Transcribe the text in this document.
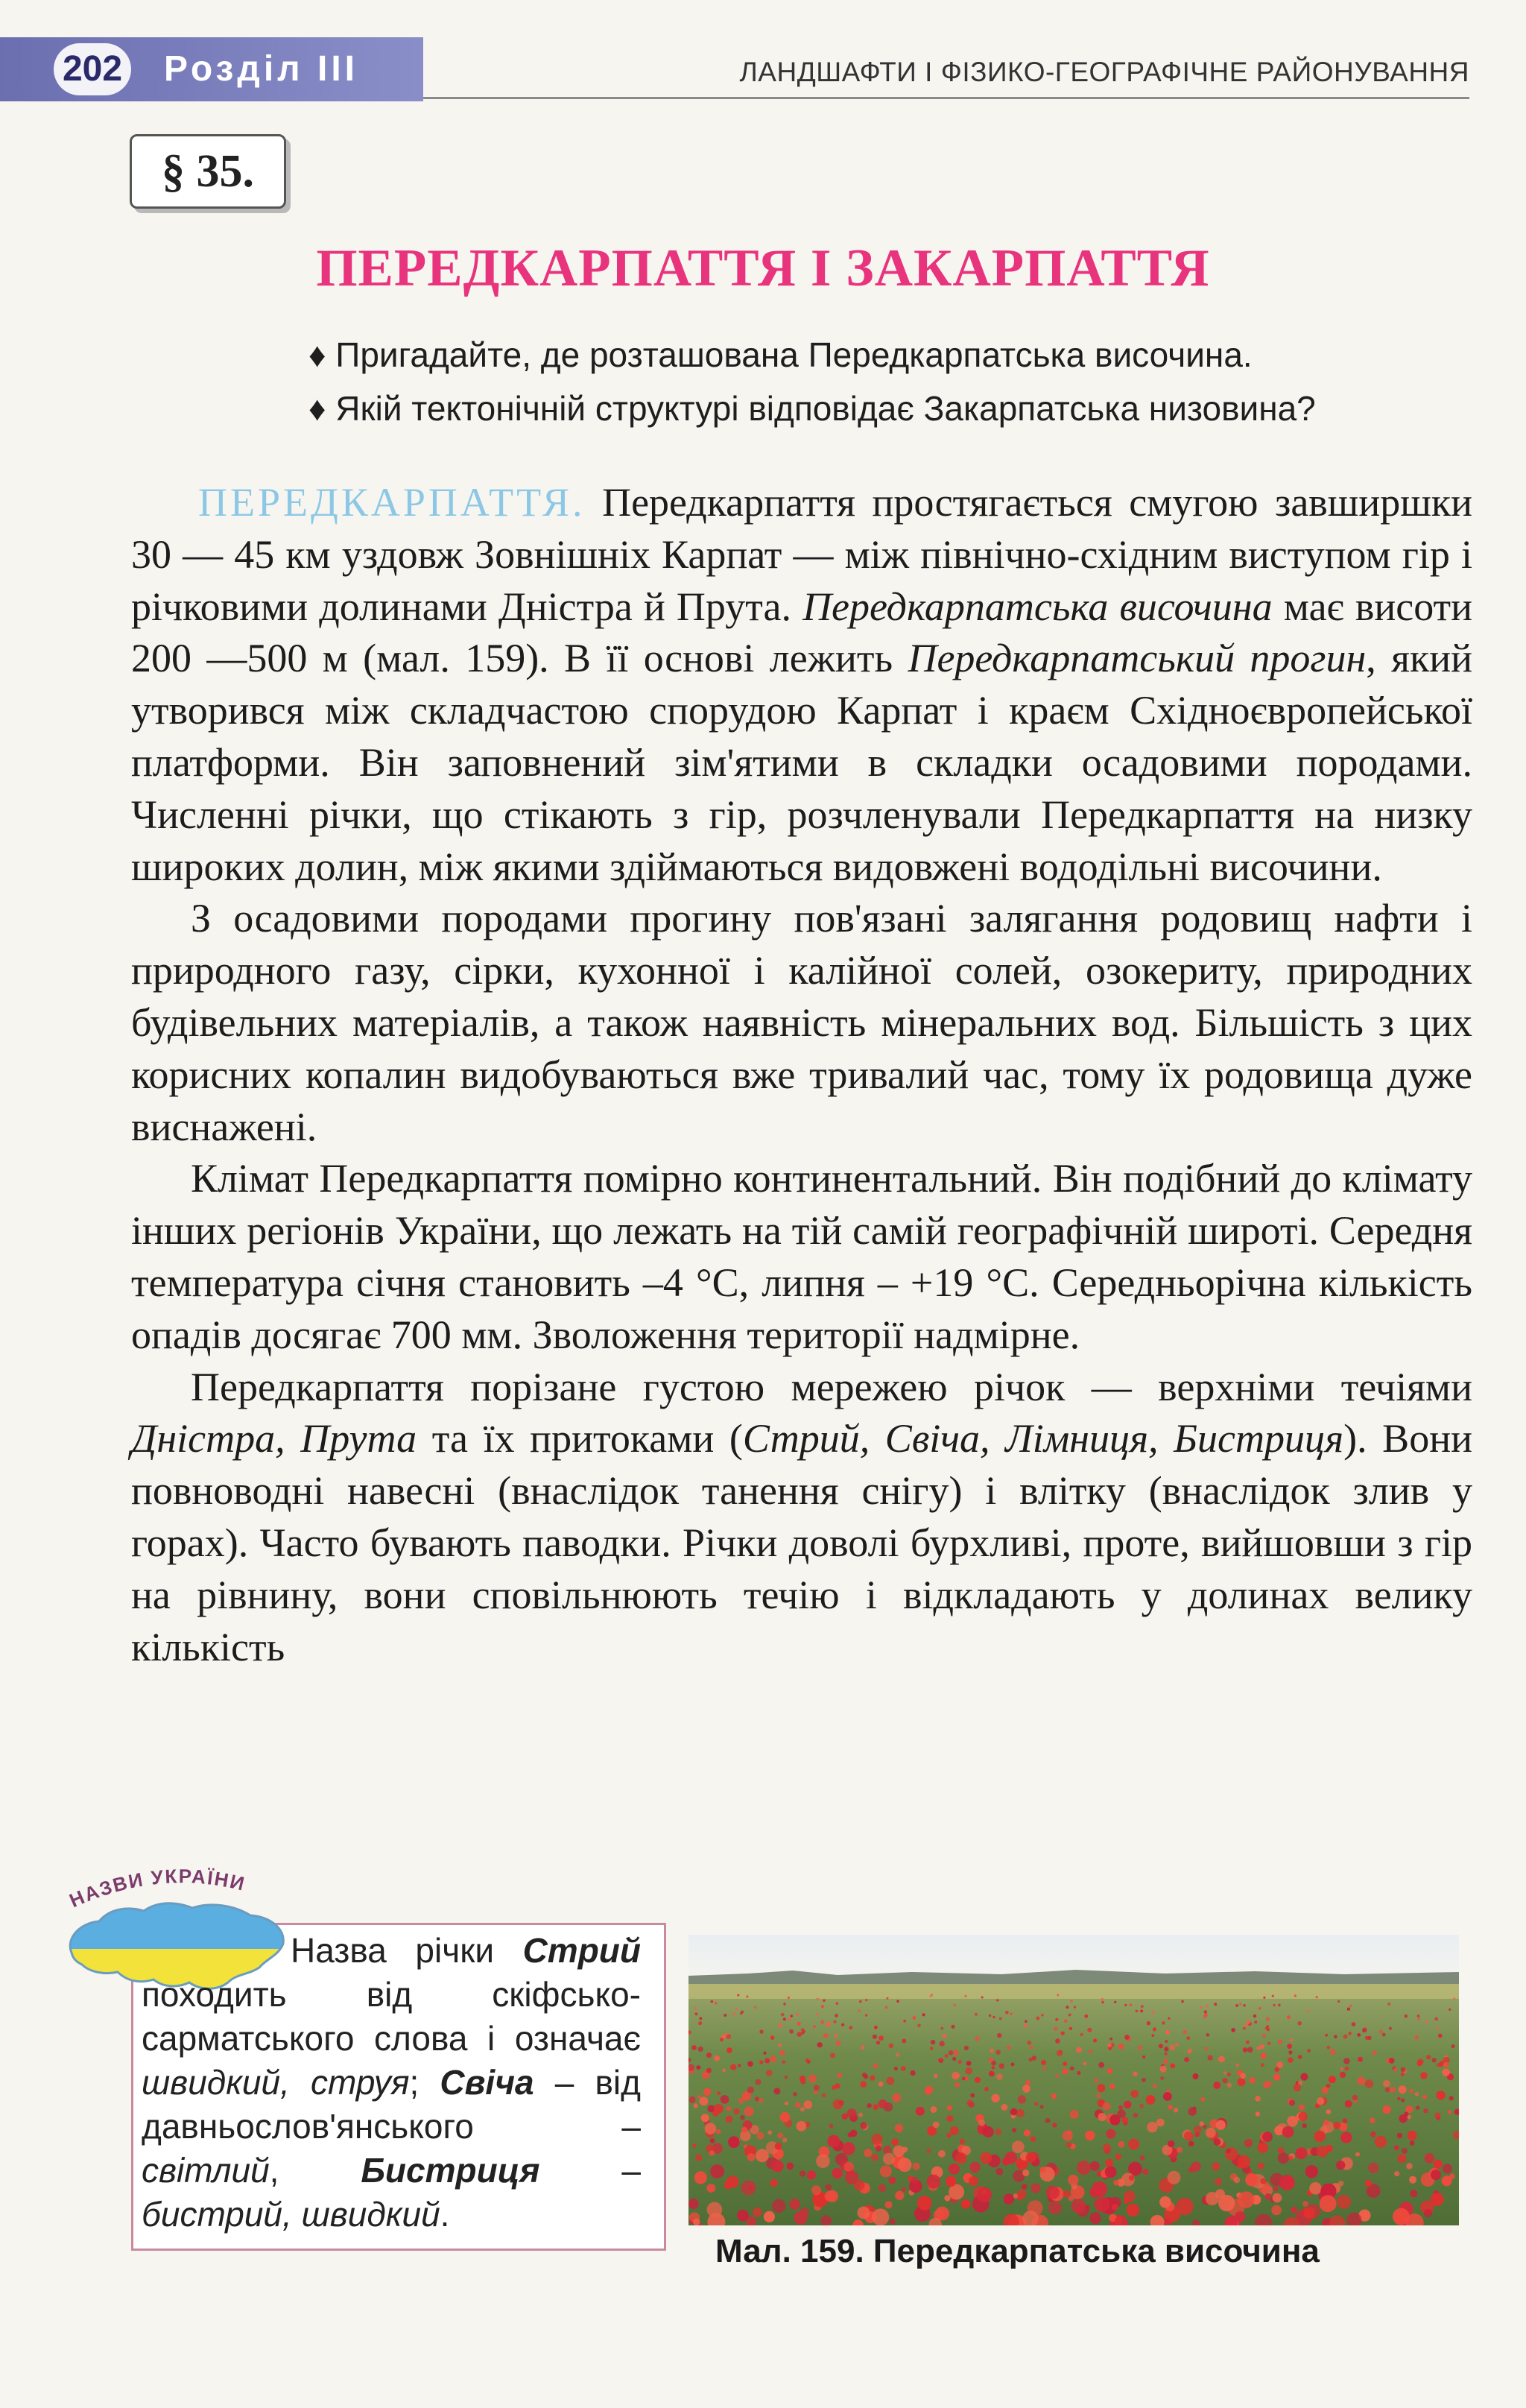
202 Розділ III	ЛАНДШАФТИ І ФІЗИКО-ГЕОГРАФІЧНЕ РАЙОНУВАННЯ
§ 35.
ПЕРЕДКАРПАТТЯ І ЗАКАРПАТТЯ
♦ Пригадайте, де розташована Передкарпатська височина.
♦ Якій тектонічній структурі відповідає Закарпатська низовина?

ПЕРЕДКАРПАТТЯ. Передкарпаття простягається смугою завширшки 30 — 45 км уздовж Зовнішніх Карпат — між північно-східним виступом гір і річковими долинами Дністра й Прута. Передкарпатська височина має висоти 200 —500 м (мал. 159). В її основі лежить Передкарпатський прогин, який утворився між складчастою спорудою Карпат і краєм Східноєвропейської платформи. Він заповнений зім'ятими в складки осадовими породами. Численні річки, що стікають з гір, розчленували Передкарпаття на низку широких долин, між якими здіймаються видовжені вододільні височини.

З осадовими породами прогину пов'язані залягання родовищ нафти і природного газу, сірки, кухонної і калійної солей, озокериту, природних будівельних матеріалів, а також наявність мінеральних вод. Більшість з цих корисних копалин видобуваються вже тривалий час, тому їх родовища дуже виснажені.

Клімат Передкарпаття помірно континентальний. Він подібний до клімату інших регіонів України, що лежать на тій самій географічній широті. Середня температура січня становить –4 °С, липня – +19 °С. Середньорічна кількість опадів досягає 700 мм. Зволоження території надмірне.

Передкарпаття порізане густою мережею річок — верхніми течіями Дністра, Прута та їх притоками (Стрий, Свіча, Лімниця, Бистриця). Вони повноводні навесні (внаслідок танення снігу) і влітку (внаслідок злив у горах). Часто бувають паводки. Річки доволі бурхливі, проте, вийшовши з гір на рівнину, вони сповільнюють течію і відкладають у долинах велику кількість

НАЗВИ УКРАЇНИ
Назва річки Стрий походить від скіфсько-сарматського слова і означає швидкий, струя; Свіча – від давньослов'янського – світлий, Бистриця – бистрий, швидкий.
Мал. 159. Передкарпатська височина
